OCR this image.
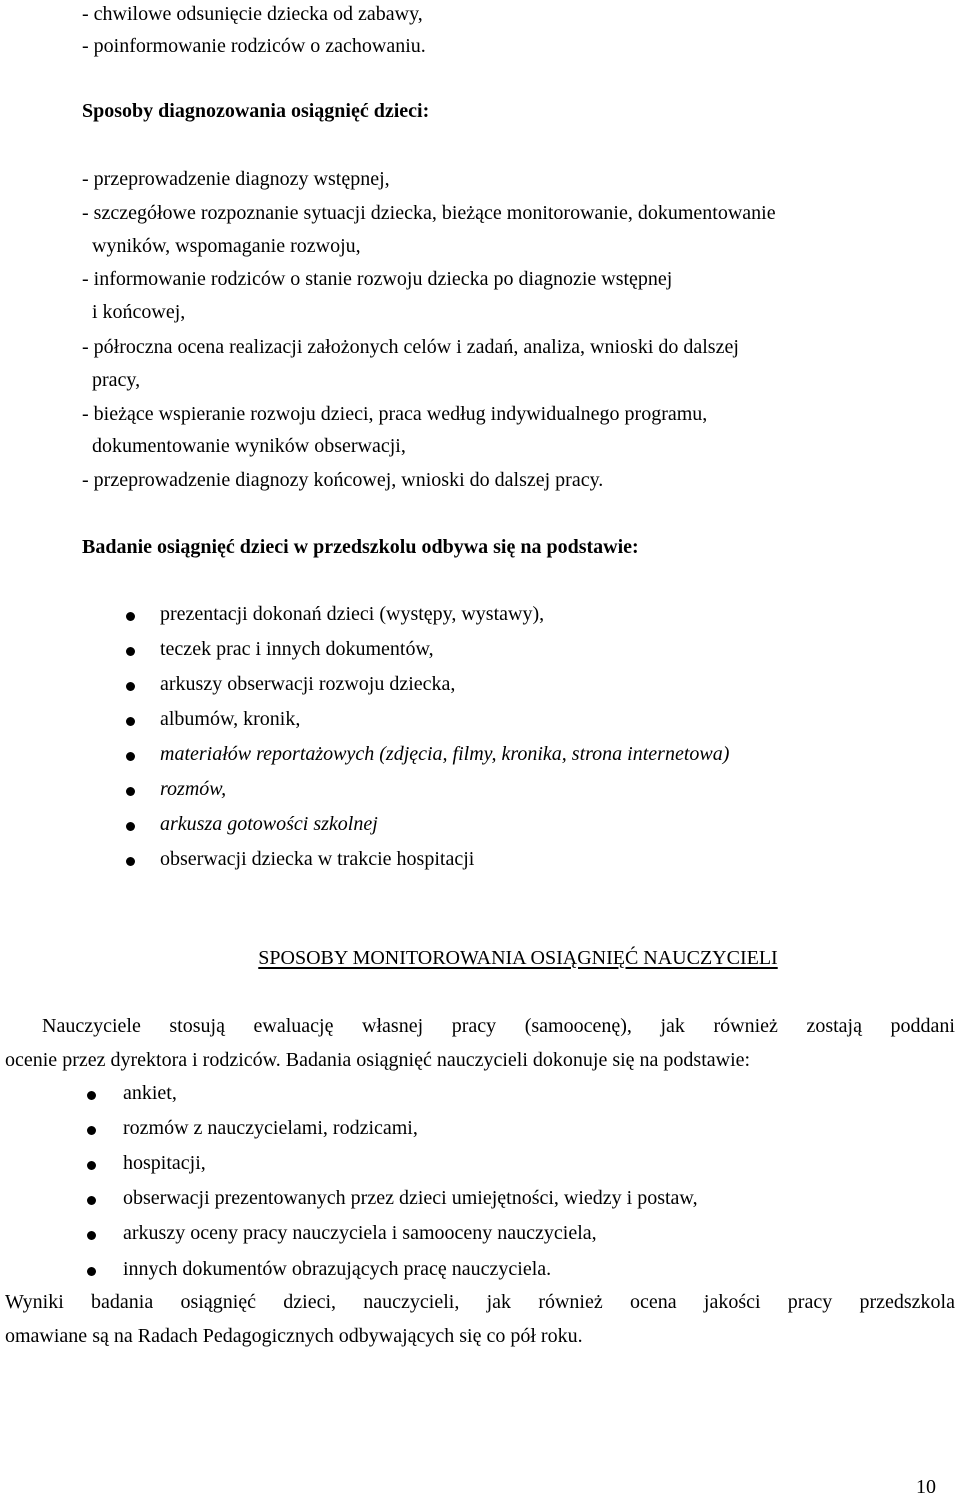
- chwilowe odsunięcie dziecka od zabawy,
- poinformowanie rodziców o zachowaniu.
Sposoby diagnozowania osiągnięć dzieci:
- przeprowadzenie diagnozy wstępnej,
- szczegółowe rozpoznanie sytuacji dziecka, bieżące monitorowanie, dokumentowanie
wyników, wspomaganie rozwoju,
- informowanie rodziców o stanie rozwoju dziecka po diagnozie wstępnej
i końcowej,
- półroczna ocena realizacji założonych celów i zadań, analiza, wnioski do dalszej
pracy,
- bieżące wspieranie rozwoju dzieci, praca według indywidualnego programu,
dokumentowanie wyników obserwacji,
- przeprowadzenie diagnozy końcowej, wnioski do dalszej pracy.
Badanie osiągnięć dzieci w przedszkolu odbywa się na podstawie:
prezentacji dokonań dzieci (występy, wystawy),
teczek prac i innych dokumentów,
arkuszy obserwacji rozwoju dziecka,
albumów, kronik,
materiałów reportażowych (zdjęcia, filmy, kronika, strona internetowa)
rozmów,
arkusza gotowości szkolnej
obserwacji dziecka w trakcie hospitacji
SPOSOBY MONITOROWANIA OSIĄGNIĘĆ NAUCZYCIELI
Nauczyciele stosują ewaluację własnej pracy (samoocenę), jak również zostają poddani
ocenie przez dyrektora i rodziców. Badania osiągnięć nauczycieli dokonuje się na podstawie:
ankiet,
rozmów z nauczycielami, rodzicami,
hospitacji,
obserwacji prezentowanych przez dzieci umiejętności, wiedzy i postaw,
arkuszy oceny pracy nauczyciela i samooceny nauczyciela,
innych dokumentów obrazujących pracę nauczyciela.
Wyniki badania osiągnięć dzieci, nauczycieli, jak również ocena jakości pracy przedszkola
omawiane są na Radach Pedagogicznych odbywających się co pół roku.
10
